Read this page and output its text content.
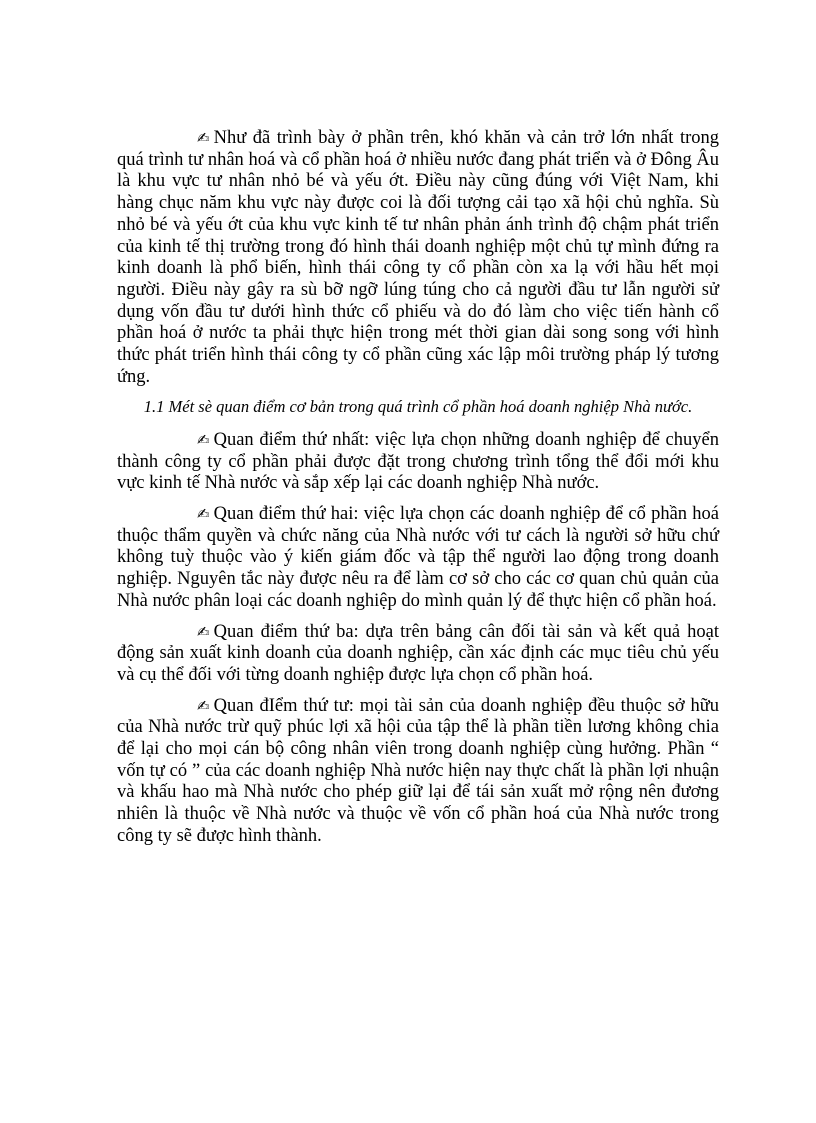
✍ Như đã trình bày ở phần trên, khó khăn và cản trở lớn nhất trong quá trình tư nhân hoá và cổ phần hoá ở nhiều nước đang phát triển và ở Đông Âu là khu vực tư nhân nhỏ bé và yếu ớt. Điều này cũng đúng với Việt Nam, khi hàng chục năm khu vực này được coi là đối tượng cải tạo xã hội chủ nghĩa. Sù nhỏ bé và yếu ớt của khu vực kinh tế tư nhân phản ánh trình độ chậm phát triển của kinh tế thị trường trong đó hình thái doanh nghiệp một chủ tự mình đứng ra kinh doanh là phổ biến, hình thái công ty cổ phần còn xa lạ với hầu hết mọi người. Điều này gây ra sù bỡ ngỡ lúng túng cho cả người đầu tư lẫn người sử dụng vốn đầu tư dưới hình thức cổ phiếu và do đó làm cho việc tiến hành cổ phần hoá ở nước ta phải thực hiện trong mét thời gian dài song song với hình thức phát triển hình thái công ty cổ phần cũng xác lập môi trường pháp lý tương ứng.

1.1 Mét sè quan điểm cơ bản trong quá trình cổ phần hoá doanh nghiệp Nhà nước.

✍ Quan điểm thứ nhất: việc lựa chọn những doanh nghiệp để chuyển thành công ty cổ phần phải được đặt trong chương trình tổng thể đổi mới khu vực kinh tế Nhà nước và sắp xếp lại các doanh nghiệp Nhà nước.

✍ Quan điểm thứ hai: việc lựa chọn các doanh nghiệp để cổ phần hoá thuộc thẩm quyền và chức năng của Nhà nước với tư cách là người sở hữu chứ không tuỳ thuộc vào ý kiến giám đốc và tập thể người lao động trong doanh nghiệp. Nguyên tắc này được nêu ra để làm cơ sở cho các cơ quan chủ quản của Nhà nước phân loại các doanh nghiệp do mình quản lý để thực hiện cổ phần hoá.

✍ Quan điểm thứ ba: dựa trên bảng cân đối tài sản và kết quả hoạt động sản xuất kinh doanh của doanh nghiệp, cần xác định các mục tiêu chủ yếu và cụ thể đối với từng doanh nghiệp được lựa chọn cổ phần hoá.

✍ Quan đIểm thứ tư: mọi tài sản của doanh nghiệp đều thuộc sở hữu của Nhà nước trừ quỹ phúc lợi xã hội của tập thể là phần tiền lương không chia để lại cho mọi cán bộ công nhân viên trong doanh nghiệp cùng hưởng. Phần “ vốn tự có ” của các doanh nghiệp Nhà nước hiện nay thực chất là phần lợi nhuận và khấu hao mà Nhà nước cho phép giữ lại để tái sản xuất mở rộng nên đương nhiên là thuộc về Nhà nước và thuộc về vốn cổ phần hoá của Nhà nước trong công ty sẽ được hình thành.
